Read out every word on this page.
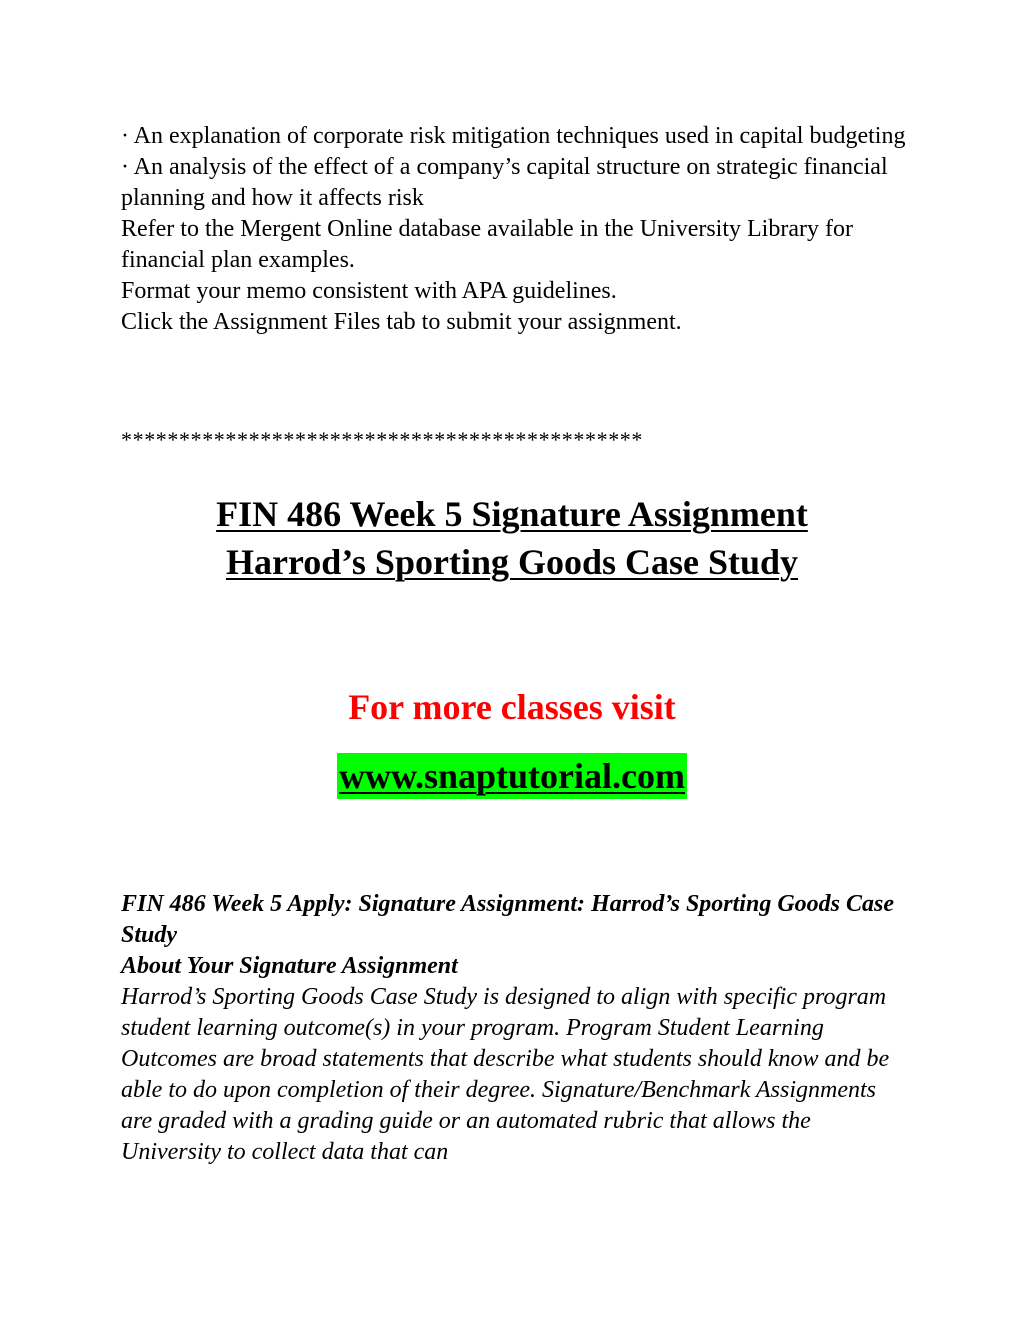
· An explanation of corporate risk mitigation techniques used in capital budgeting

· An analysis of the effect of a company’s capital structure on strategic financial planning and how it affects risk

Refer to the Mergent Online database available in the University Library for financial plan examples.

Format your memo consistent with APA guidelines.

Click the Assignment Files tab to submit your assignment.

*********************************************
FIN 486 Week 5 Signature Assignment
Harrod’s Sporting Goods Case Study
For more classes visit
www.snaptutorial.com

FIN 486 Week 5 Apply: Signature Assignment: Harrod’s Sporting Goods Case Study

About Your Signature Assignment

Harrod’s Sporting Goods Case Study is designed to align with specific program student learning outcome(s) in your program. Program Student Learning Outcomes are broad statements that describe what students should know and be able to do upon completion of their degree. Signature/Benchmark Assignments are graded with a grading guide or an automated rubric that allows the University to collect data that can
